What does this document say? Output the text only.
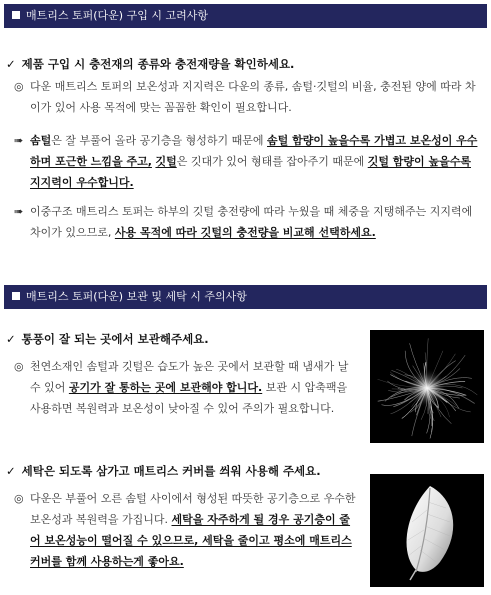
매트리스 토퍼(다운) 구입 시 고려사항
✓ 제품 구입 시 충전재의 종류와 충전재량을 확인하세요.
◎ 다운 매트리스 토퍼의 보온성과 지지력은 다운의 종류, 솜털·깃털의 비율, 충전된 양에 따라 차이가 있어 사용 목적에 맞는 꼼꼼한 확인이 필요합니다.
➠ 솜털은 잘 부풀어 올라 공기층을 형성하기 때문에 솜털 함량이 높을수록 가볍고 보온성이 우수하며 포근한 느낌을 주고, 깃털은 깃대가 있어 형태를 잡아주기 때문에 깃털 함량이 높을수록 지지력이 우수합니다.
➠ 이중구조 매트리스 토퍼는 하부의 깃털 충전량에 따라 누웠을 때 체중을 지탱해주는 지지력에 차이가 있으므로, 사용 목적에 따라 깃털의 충전량을 비교해 선택하세요.
매트리스 토퍼(다운) 보관 및 세탁 시 주의사항
✓ 통풍이 잘 되는 곳에서 보관해주세요.
◎ 천연소재인 솜털과 깃털은 습도가 높은 곳에서 보관할 때 냄새가 날 수 있어 공기가 잘 통하는 곳에 보관해야 합니다. 보관 시 압축팩을 사용하면 복원력과 보온성이 낮아질 수 있어 주의가 필요합니다.
✓ 세탁은 되도록 삼가고 매트리스 커버를 씌워 사용해 주세요.
◎ 다운은 부풀어 오른 솜털 사이에서 형성된 따뜻한 공기층으로 우수한 보온성과 복원력을 가집니다. 세탁을 자주하게 될 경우 공기층이 줄어 보온성능이 떨어질 수 있으므로, 세탁을 줄이고 평소에 매트리스 커버를 함께 사용하는게 좋아요.
